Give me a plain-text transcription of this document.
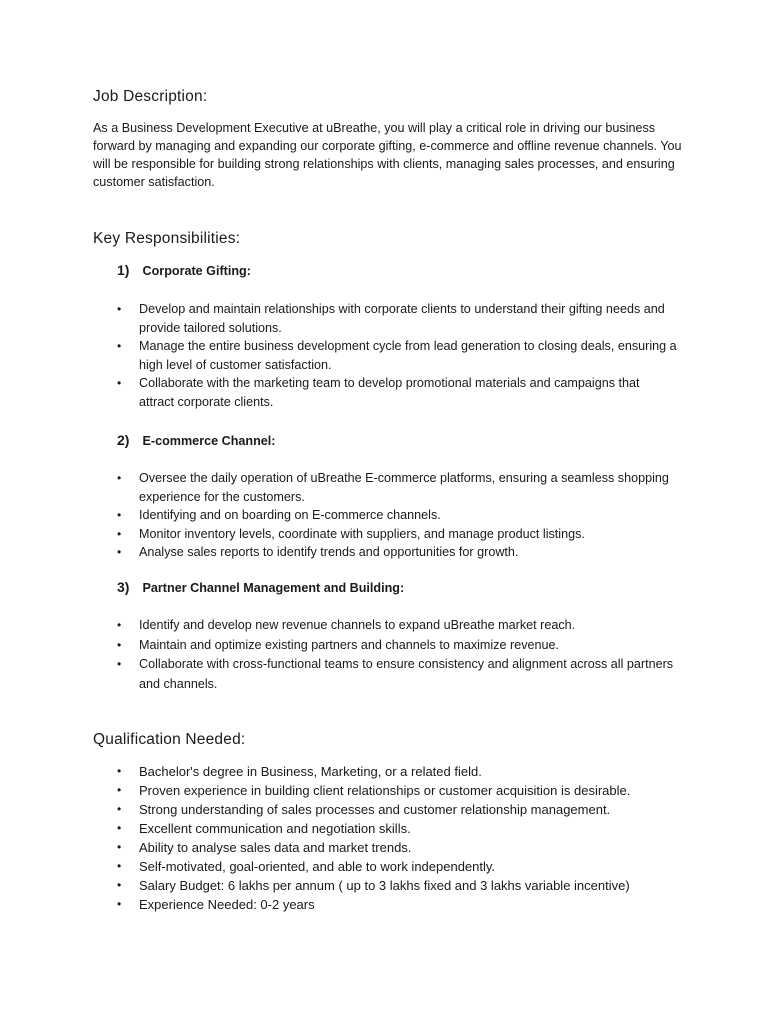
Job Description:

As a Business Development Executive at uBreathe, you will play a critical role in driving our business forward by managing and expanding our corporate gifting, e-commerce and offline revenue channels. You will be responsible for building strong relationships with clients, managing sales processes, and ensuring customer satisfaction.

Key Responsibilities:
1) Corporate Gifting:
• Develop and maintain relationships with corporate clients to understand their gifting needs and provide tailored solutions.
• Manage the entire business development cycle from lead generation to closing deals, ensuring a high level of customer satisfaction.
• Collaborate with the marketing team to develop promotional materials and campaigns that attract corporate clients.
2) E-commerce Channel:
• Oversee the daily operation of uBreathe E-commerce platforms, ensuring a seamless shopping experience for the customers.
• Identifying and on boarding on E-commerce channels.
• Monitor inventory levels, coordinate with suppliers, and manage product listings.
• Analyse sales reports to identify trends and opportunities for growth.
3) Partner Channel Management and Building:
• Identify and develop new revenue channels to expand uBreathe market reach.
• Maintain and optimize existing partners and channels to maximize revenue.
• Collaborate with cross-functional teams to ensure consistency and alignment across all partners and channels.
Qualification Needed:
• Bachelor's degree in Business, Marketing, or a related field.
• Proven experience in building client relationships or customer acquisition is desirable.
• Strong understanding of sales processes and customer relationship management.
• Excellent communication and negotiation skills.
• Ability to analyse sales data and market trends.
• Self-motivated, goal-oriented, and able to work independently.
• Salary Budget: 6 lakhs per annum ( up to 3 lakhs fixed and 3 lakhs variable incentive)
• Experience Needed: 0-2 years
